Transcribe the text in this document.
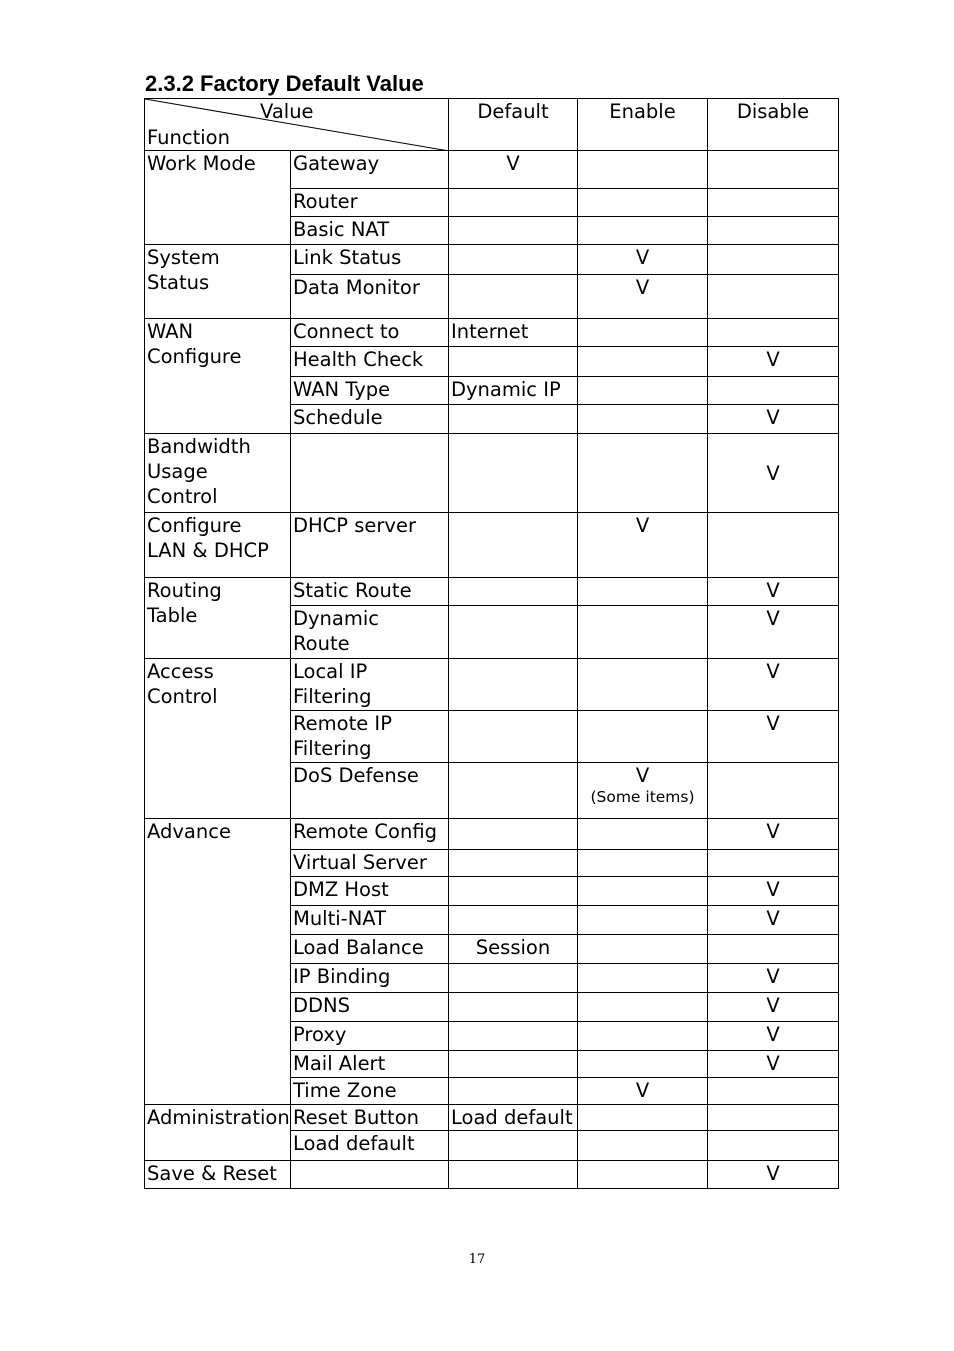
2.3.2 Factory Default Value
Value
Function		Default	Enable	Disable
Work Mode	Gateway	V		
	Router			
	Basic NAT			
System
Status	Link Status		V	
	Data Monitor		V	
WAN
Configure	Connect to	Internet		
	Health Check			V
	WAN Type	Dynamic IP		
	Schedule			V
Bandwidth
Usage
Control				V
Configure
LAN & DHCP	DHCP server		V	
Routing
Table	Static Route			V
	Dynamic
Route			V
Access
Control	Local IP
Filtering			V
	Remote IP
Filtering			V
	DoS Defense		V
(Some items)	

Advance	Remote Config			V
	Virtual Server			
	DMZ Host			V
	Multi-NAT			V
	Load Balance	Session		
	IP Binding			V
	DDNS			V
	Proxy			V
	Mail Alert			V
	Time Zone		V	
Administration	Reset Button	Load default		
	Load default			
Save & Reset				V
17
